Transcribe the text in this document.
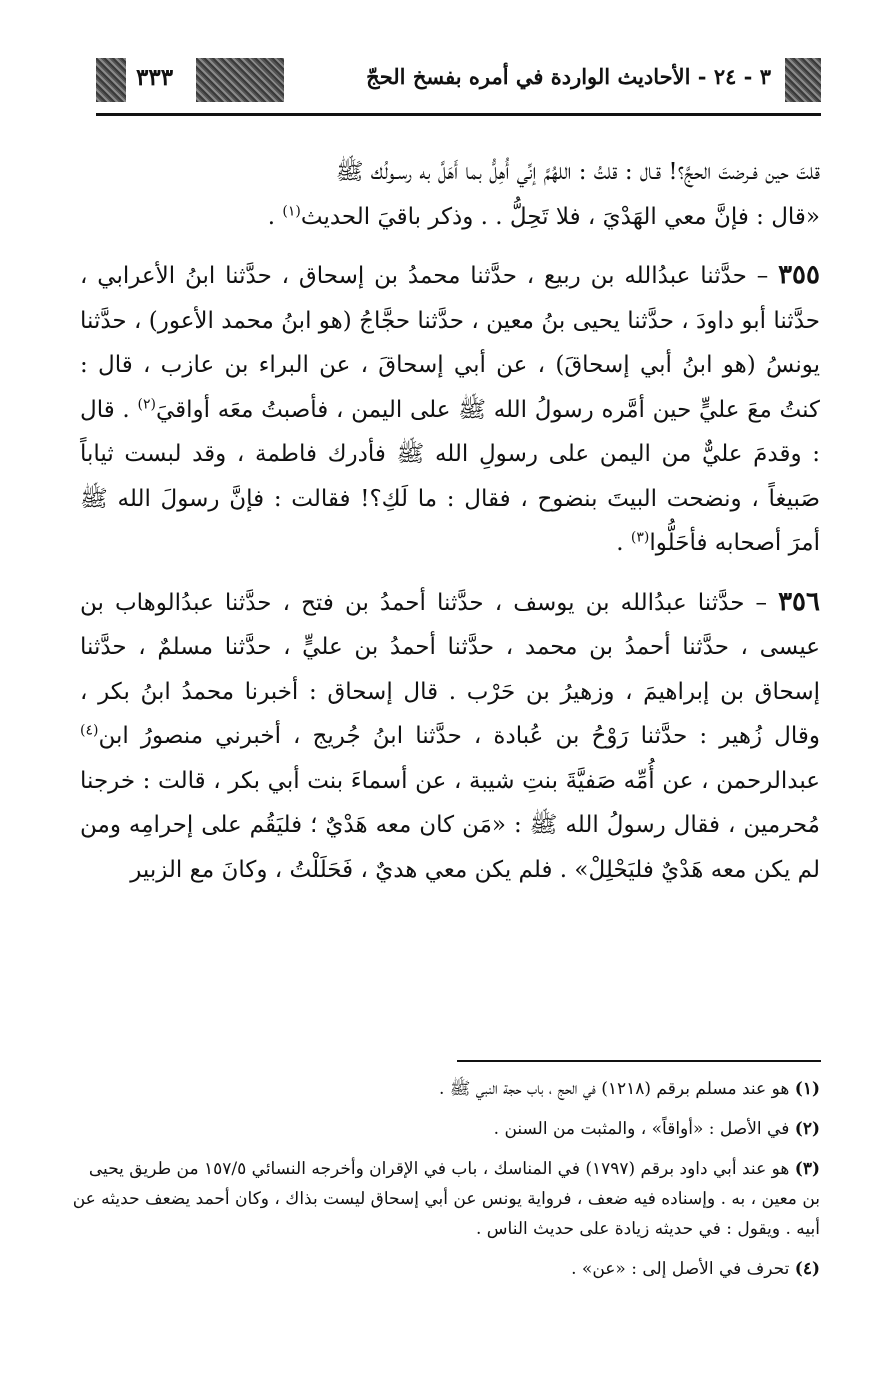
٣ - ٢٤ - الأحاديث الواردة في أمره بفسخ الحجّ
٣٣٣

قلتَ حين فـرضتَ الحجَّ؟! قـال : قلتُ : اللهُمَّ إنِّي أُهِلُّ بما أَهَلَّ به رسـولُك ﷺ
«قال : فإنَّ معي الهَدْيَ ، فلا تَحِلُّ . . وذكر باقيَ الحديث$^{(١)}$ .

٣٥٥ – حدَّثنا عبدُالله بن ربيع ، حدَّثنا محمدُ بن إسحاق ، حدَّثنا ابنُ الأعرابي ، حدَّثنا أبو داودَ ، حدَّثنا يحيى بنُ معين ، حدَّثنا حجَّاجُ (هو ابنُ محمد الأعور) ، حدَّثنا يونسُ (هو ابنُ أبي إسحاقَ) ، عن أبي إسحاقَ ، عن البراء بن عازب ، قال : كنتُ معَ عليٍّ حين أمَّره رسولُ الله ﷺ على اليمن ، فأصبتُ معَه أواقيَ$^{(٢)}$ . قال : وقدمَ عليٌّ من اليمن على رسولِ الله ﷺ فأدرك فاطمة ، وقد لبست ثياباً صَبيغاً ، ونضحت البيتَ بنضوح ، فقال : ما لَكِ؟! فقالت : فإنَّ رسولَ الله ﷺ أمرَ أصحابه فأحَلُّوا$^{(٣)}$ .

٣٥٦ – حدَّثنا عبدُالله بن يوسف ، حدَّثنا أحمدُ بن فتح ، حدَّثنا عبدُالوهاب بن عيسى ، حدَّثنا أحمدُ بن محمد ، حدَّثنا أحمدُ بن عليٍّ ، حدَّثنا مسلمٌ ، حدَّثنا إسحاق بن إبراهيمَ ، وزهيرُ بن حَرْب . قال إسحاق : أخبرنا محمدُ ابنُ بكر ، وقال زُهير : حدَّثنا رَوْحُ بن عُبادة ، حدَّثنا ابنُ جُريج ، أخبرني منصورُ ابن$^{(٤)}$ عبدالرحمن ، عن أُمِّه صَفيَّةَ بنتِ شيبة ، عن أسماءَ بنت أبي بكر ، قالت : خرجنا مُحرمين ، فقال رسولُ الله ﷺ : «مَن كان معه هَدْيٌ ؛ فليَقُم على إحرامِه ومن لم يكن معه هَدْيٌ فليَحْلِلْ» . فلم يكن معي هديٌ ، فَحَلَلْتُ ، وكانَ مع الزبير

(١) هو عند مسلم برقم (١٢١٨) في الحج ، باب حجة النبي ﷺ .

(٢) في الأصل : «أواقاً» ، والمثبت من السنن .

(٣) هو عند أبي داود برقم (١٧٩٧) في المناسك ، باب في الإقران وأخرجه النسائي ١٥٧/٥ من طريق يحيى بن معين ، به . وإسناده فيه ضعف ، فرواية يونس عن أبي إسحاق ليست بذاك ، وكان أحمد يضعف حديثه عن أبيه . ويقول : في حديثه زيادة على حديث الناس .

(٤) تحرف في الأصل إلى : «عن» .
